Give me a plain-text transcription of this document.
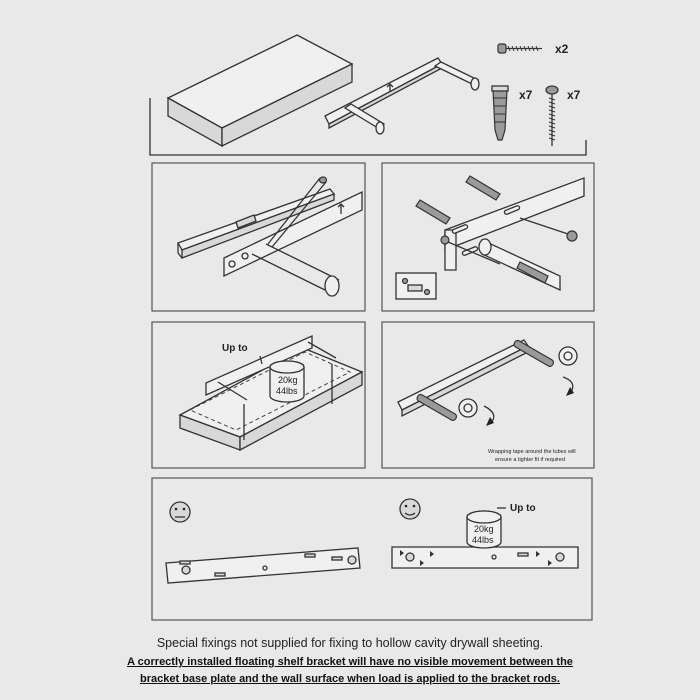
x2
x7	x7
Up to
20kg
44lbs
Wrapping tape around the tubes will
ensure a tighter fit if required
Up to
20kg
44lbs
Special fixings not supplied for fixing to hollow cavity drywall sheeting.
A correctly installed floating shelf bracket will have no visible movement between the
bracket base plate and the wall surface when load is applied to the bracket rods.
